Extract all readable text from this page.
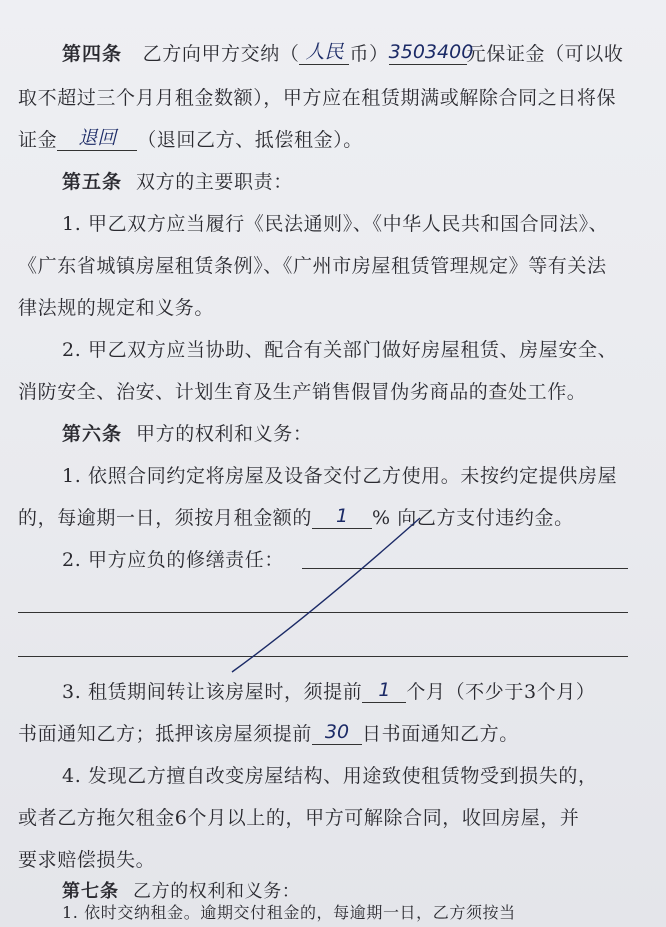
第四条 乙方向甲方交纳（ 人民 币）3503400元保证金（可以收
取不超过三个月月租金数额），甲方应在租赁期满或解除合同之日将保
证金 退回 （退回乙方、抵偿租金）。
第五条 双方的主要职责：
1. 甲乙双方应当履行《民法通则》、《中华人民共和国合同法》、
《广东省城镇房屋租赁条例》、《广州市房屋租赁管理规定》等有关法
律法规的规定和义务。
2. 甲乙双方应当协助、配合有关部门做好房屋租赁、房屋安全、
消防安全、治安、计划生育及生产销售假冒伪劣商品的查处工作。
第六条 甲方的权利和义务：
1. 依照合同约定将房屋及设备交付乙方使用。未按约定提供房屋
的，每逾期一日，须按月租金额的 1 % 向乙方支付违约金。
2. 甲方应负的修缮责任：
3. 租赁期间转让该房屋时，须提前 1 个月（不少于3个月）
书面通知乙方；抵押该房屋须提前 30 日书面通知乙方。
4. 发现乙方擅自改变房屋结构、用途致使租赁物受到损失的，
或者乙方拖欠租金6个月以上的，甲方可解除合同，收回房屋，并
要求赔偿损失。
第七条 乙方的权利和义务：
1. 依时交纳租金。逾期交付租金的，每逾期一日，乙方须按当
